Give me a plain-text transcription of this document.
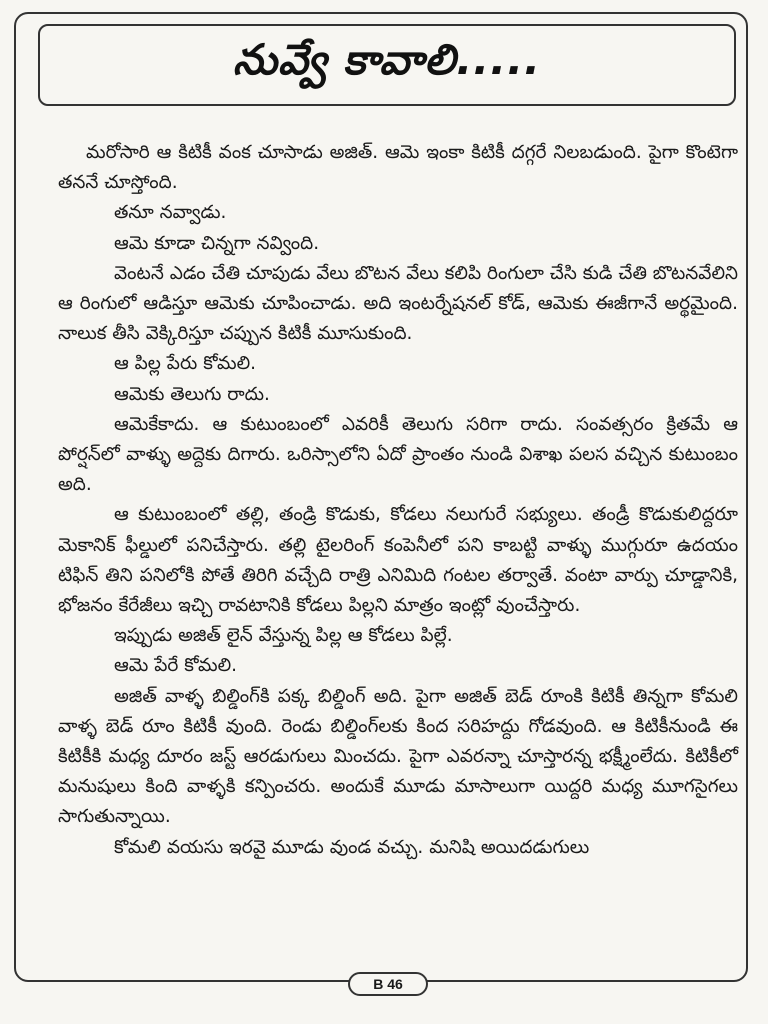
నువ్వే కావాలి.....

మరోసారి ఆ కిటికీ వంక చూసాడు అజిత్. ఆమె ఇంకా కిటికీ దగ్గరే నిలబడుంది. పైగా కొంటెగా తననే చూస్తోంది.

తనూ నవ్వాడు.

ఆమె కూడా చిన్నగా నవ్వింది.

వెంటనే ఎడం చేతి చూపుడు వేలు బొటన వేలు కలిపి రింగులా చేసి కుడి చేతి బొటనవేలిని ఆ రింగులో ఆడిస్తూ ఆమెకు చూపించాడు. అది ఇంటర్నేషనల్ కోడ్, ఆమెకు ఈజీగానే అర్థమైంది. నాలుక తీసి వెక్కిరిస్తూ చప్పున కిటికీ మూసుకుంది.

ఆ పిల్ల పేరు కోమలి.

ఆమెకు తెలుగు రాదు.

ఆమెకేకాదు. ఆ కుటుంబంలో ఎవరికీ తెలుగు సరిగా రాదు. సంవత్సరం క్రితమే ఆ పోర్షన్‌లో వాళ్ళు అద్దెకు దిగారు. ఒరిస్సాలోని ఏదో ప్రాంతం నుండి విశాఖ పలస వచ్చిన కుటుంబం అది.

ఆ కుటుంబంలో తల్లి, తండ్రి కొడుకు, కోడలు నలుగురే సభ్యులు. తండ్రీ కొడుకులిద్దరూ మెకానిక్ ఫీల్డులో పనిచేస్తారు. తల్లి టైలరింగ్ కంపెనీలో పని కాబట్టి వాళ్ళు ముగ్గురూ ఉదయం టిఫిన్ తిని పనిలోకి పోతే తిరిగి వచ్చేది రాత్రి ఎనిమిది గంటల తర్వాతే. వంటా వార్పు చూడ్డానికి, భోజనం కేరేజీలు ఇచ్చి రావటానికి కోడలు పిల్లని మాత్రం ఇంట్లో వుంచేస్తారు.

ఇప్పుడు అజిత్ లైన్ వేస్తున్న పిల్ల ఆ కోడలు పిల్లే.

ఆమె పేరే కోమలి.

అజిత్ వాళ్ళ బిల్డింగ్‌కి పక్క బిల్డింగ్ అది. పైగా అజిత్ బెడ్ రూంకి కిటికీ తిన్నగా కోమలి వాళ్ళ బెడ్ రూం కిటికీ వుంది. రెండు బిల్డింగ్‌లకు కింద సరిహద్దు గోడవుంది. ఆ కిటికీనుండి ఈ కిటికీకి మధ్య దూరం జస్ట్ ఆరడుగులు మించదు. పైగా ఎవరన్నా చూస్తారన్న భక్ష్మీంలేదు. కిటికీలో మనుషులు కింది వాళ్ళకి కన్పించరు. అందుకే మూడు మాసాలుగా యిద్దరి మధ్య మూగసైగలు సాగుతున్నాయి.

కోమలి వయసు ఇరవై మూడు వుండ వచ్చు. మనిషి అయిదడుగులు

B 46
